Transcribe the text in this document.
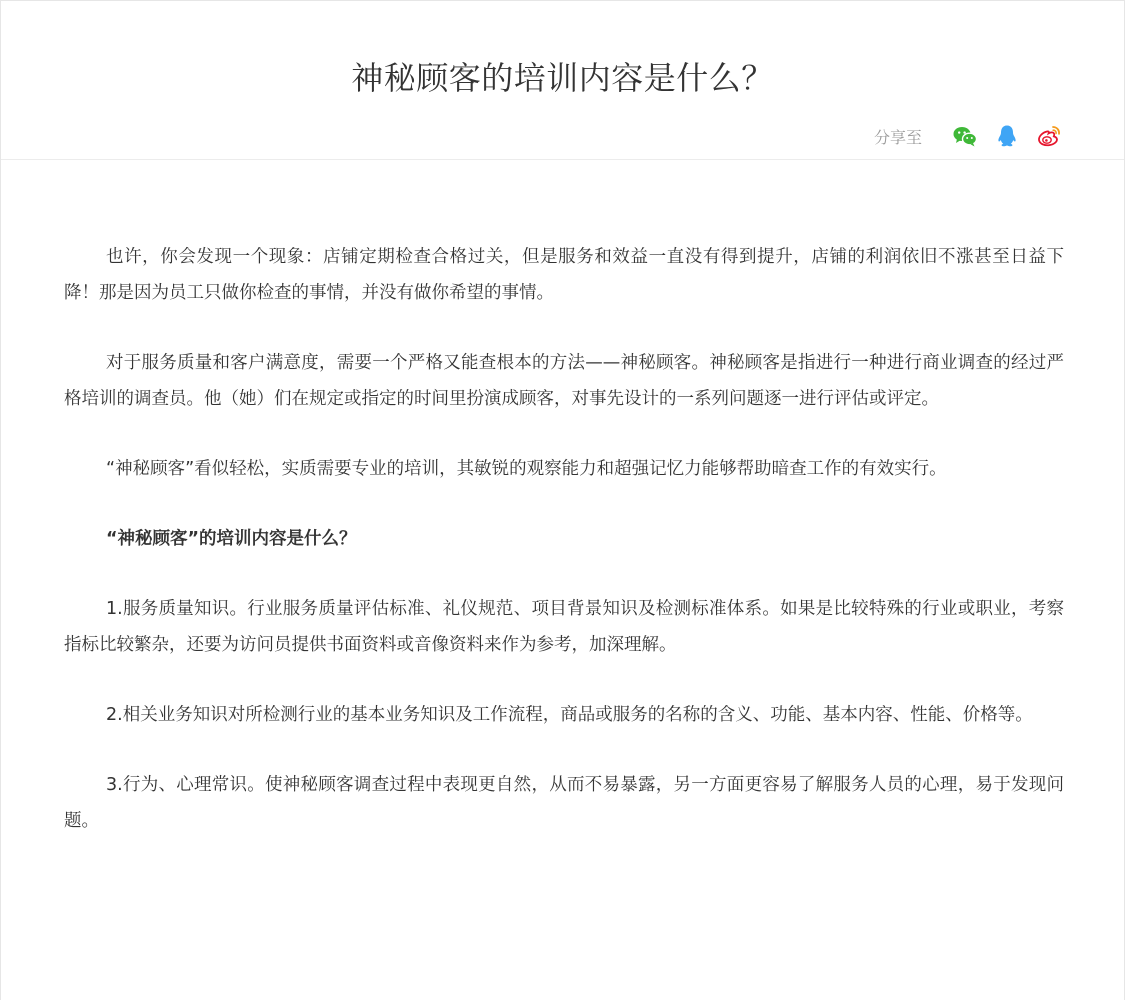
神秘顾客的培训内容是什么？
分享至

也许，你会发现一个现象：店铺定期检查合格过关，但是服务和效益一直没有得到提升，店铺的利润依旧不涨甚至日益下降！那是因为员工只做你检查的事情，并没有做你希望的事情。

对于服务质量和客户满意度，需要一个严格又能查根本的方法——神秘顾客。神秘顾客是指进行一种进行商业调查的经过严格培训的调查员。他（她）们在规定或指定的时间里扮演成顾客，对事先设计的一系列问题逐一进行评估或评定。

“神秘顾客”看似轻松，实质需要专业的培训，其敏锐的观察能力和超强记忆力能够帮助暗查工作的有效实行。

“神秘顾客”的培训内容是什么？

1.服务质量知识。行业服务质量评估标准、礼仪规范、项目背景知识及检测标准体系。如果是比较特殊的行业或职业，考察指标比较繁杂，还要为访问员提供书面资料或音像资料来作为参考，加深理解。

2.相关业务知识对所检测行业的基本业务知识及工作流程，商品或服务的名称的含义、功能、基本内容、性能、价格等。

3.行为、心理常识。使神秘顾客调查过程中表现更自然，从而不易暴露，另一方面更容易了解服务人员的心理，易于发现问题。
